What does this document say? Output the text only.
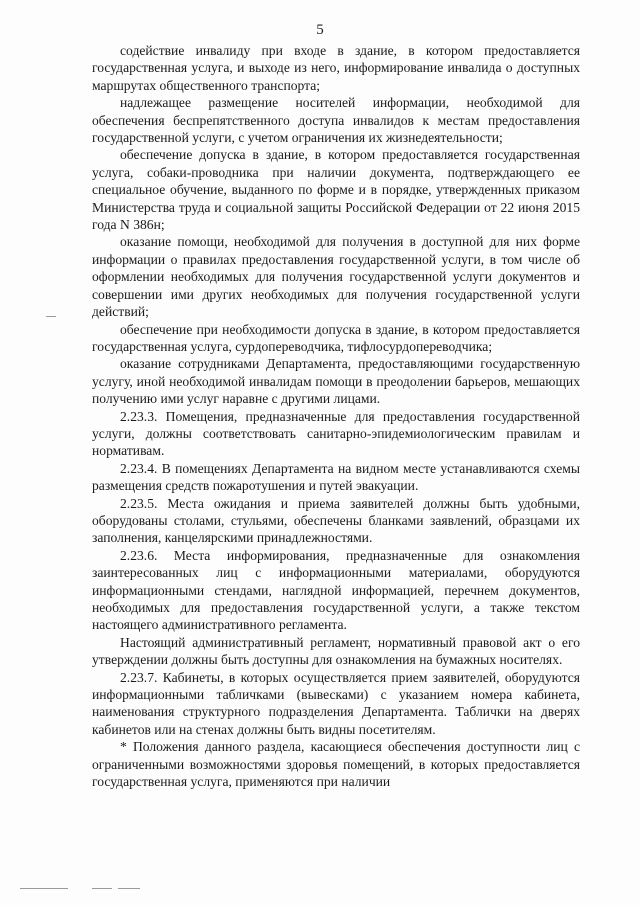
5

содействие инвалиду при входе в здание, в котором предоставляется государственная услуга, и выходе из него, информирование инвалида о доступных маршрутах общественного транспорта;

надлежащее размещение носителей информации, необходимой для обеспечения беспрепятственного доступа инвалидов к местам предоставления государственной услуги, с учетом ограничения их жизнедеятельности;

обеспечение допуска в здание, в котором предоставляется государственная услуга, собаки-проводника при наличии документа, подтверждающего ее специальное обучение, выданного по форме и в порядке, утвержденных приказом Министерства труда и социальной защиты Российской Федерации от 22 июня 2015 года N 386н;

оказание помощи, необходимой для получения в доступной для них форме информации о правилах предоставления государственной услуги, в том числе об оформлении необходимых для получения государственной услуги документов и совершении ими других необходимых для получения государственной услуги действий;

обеспечение при необходимости допуска в здание, в котором предоставляется государственная услуга, сурдопереводчика, тифлосурдопереводчика;

оказание сотрудниками Департамента, предоставляющими государственную услугу, иной необходимой инвалидам помощи в преодолении барьеров, мешающих получению ими услуг наравне с другими лицами.

2.23.3. Помещения, предназначенные для предоставления государственной услуги, должны соответствовать санитарно-эпидемиологическим правилам и нормативам.

2.23.4. В помещениях Департамента на видном месте устанавливаются схемы размещения средств пожаротушения и путей эвакуации.

2.23.5. Места ожидания и приема заявителей должны быть удобными, оборудованы столами, стульями, обеспечены бланками заявлений, образцами их заполнения, канцелярскими принадлежностями.

2.23.6. Места информирования, предназначенные для ознакомления заинтересованных лиц с информационными материалами, оборудуются информационными стендами, наглядной информацией, перечнем документов, необходимых для предоставления государственной услуги, а также текстом настоящего административного регламента.

Настоящий административный регламент, нормативный правовой акт о его утверждении должны быть доступны для ознакомления на бумажных носителях.

2.23.7. Кабинеты, в которых осуществляется прием заявителей, оборудуются информационными табличками (вывесками) с указанием номера кабинета, наименования структурного подразделения Департамента. Таблички на дверях кабинетов или на стенах должны быть видны посетителям.

* Положения данного раздела, касающиеся обеспечения доступности лиц с ограниченными возможностями здоровья помещений, в которых предоставляется государственная услуга, применяются при наличии
